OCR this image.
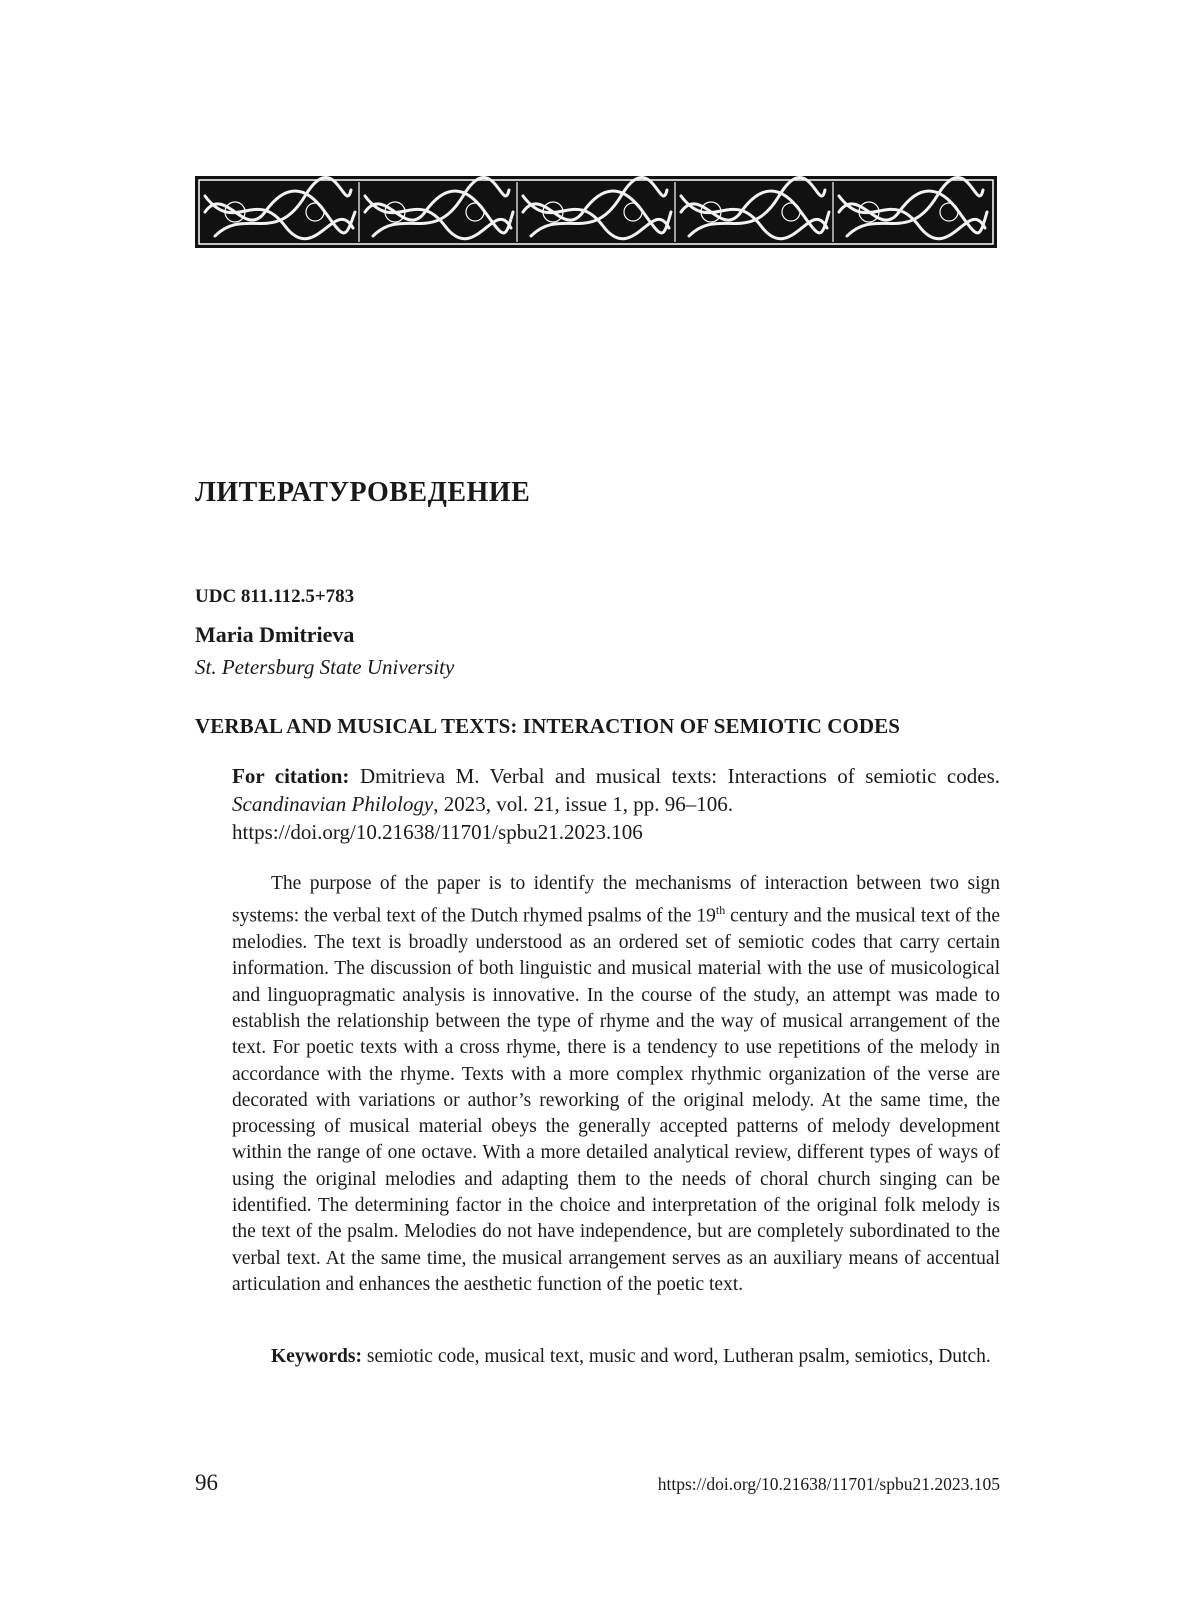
ЛИТЕРАТУРОВЕДЕНИЕ
UDC 811.112.5+783
Maria Dmitrieva
St. Petersburg State University
VERBAL AND MUSICAL TEXTS: INTERACTION OF SEMIOTIC CODES
For citation: Dmitrieva M. Verbal and musical texts: Interactions of semiotic codes. Scandinavian Philology, 2023, vol. 21, issue 1, pp. 96–106.
https://doi.org/10.21638/11701/spbu21.2023.106

The purpose of the paper is to identify the mechanisms of interaction between two sign systems: the verbal text of the Dutch rhymed psalms of the 19th century and the musical text of the melodies. The text is broadly understood as an ordered set of semiotic codes that carry certain information. The discussion of both linguistic and musical material with the use of musicological and linguopragmatic analysis is innovative. In the course of the study, an attempt was made to establish the relationship between the type of rhyme and the way of musical arrangement of the text. For poetic texts with a cross rhyme, there is a tendency to use repetitions of the melody in accordance with the rhyme. Texts with a more complex rhythmic organization of the verse are decorated with variations or author’s reworking of the original melody. At the same time, the processing of musical material obeys the generally accepted patterns of melody development within the range of one octave. With a more detailed analytical review, different types of ways of using the original melodies and adapting them to the needs of choral church singing can be identified. The determining factor in the choice and interpretation of the original folk melody is the text of the psalm. Melodies do not have independence, but are completely subordinated to the verbal text. At the same time, the musical arrangement serves as an auxiliary means of accentual articulation and enhances the aesthetic function of the poetic text.

Keywords: semiotic code, musical text, music and word, Lutheran psalm, semiotics, Dutch.

96	https://doi.org/10.21638/11701/spbu21.2023.105
